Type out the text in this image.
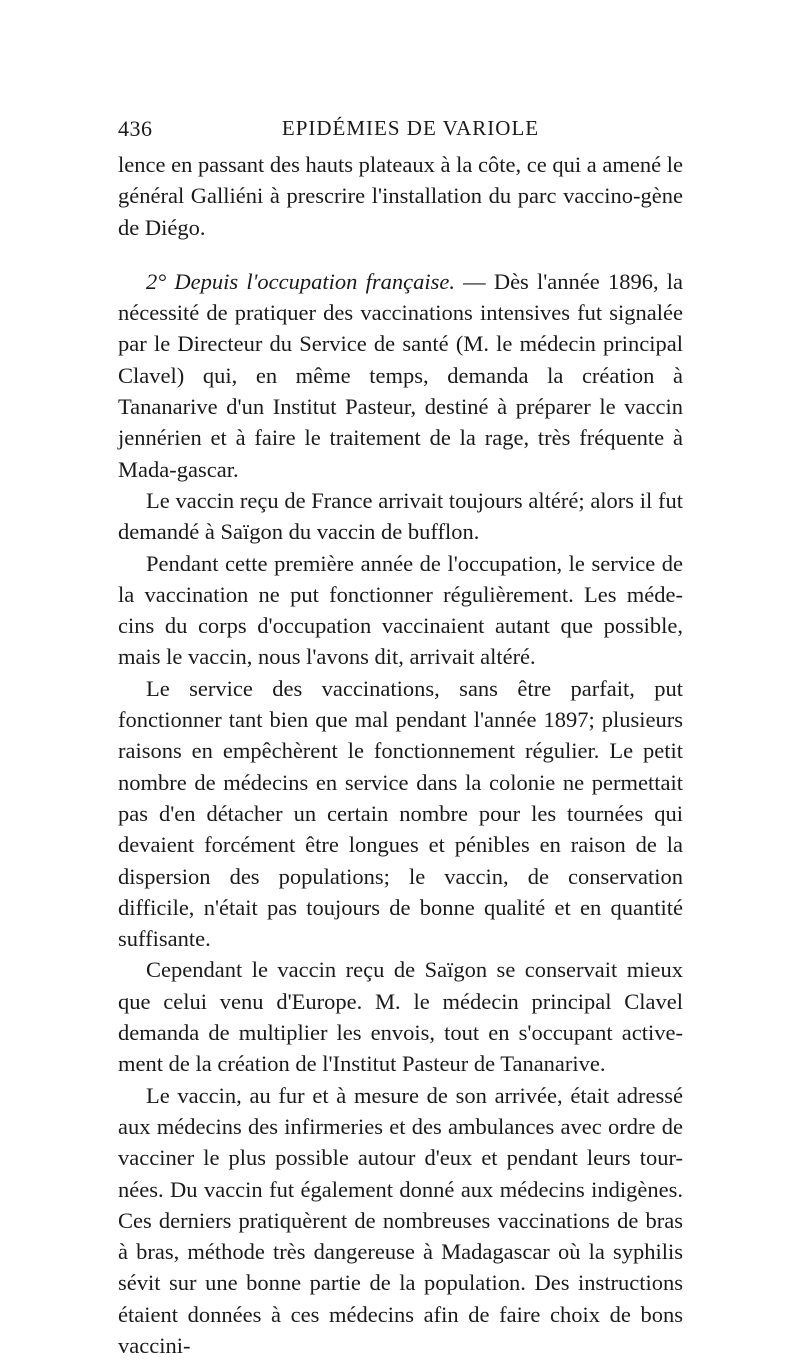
436	EPIDÉMIES DE VARIOLE

lence en passant des hauts plateaux à la côte, ce qui a amené le général Galliéni à prescrire l'installation du parc vaccino-gène de Diégo.

2° Depuis l'occupation française. — Dès l'année 1896, la nécessité de pratiquer des vaccinations intensives fut signalée par le Directeur du Service de santé (M. le médecin principal Clavel) qui, en même temps, demanda la création à Tananarive d'un Institut Pasteur, destiné à préparer le vaccin jennérien et à faire le traitement de la rage, très fréquente à Mada-gascar.

Le vaccin reçu de France arrivait toujours altéré; alors il fut demandé à Saïgon du vaccin de bufflon.

Pendant cette première année de l'occupation, le service de la vaccination ne put fonctionner régulièrement. Les méde-cins du corps d'occupation vaccinaient autant que possible, mais le vaccin, nous l'avons dit, arrivait altéré.

Le service des vaccinations, sans être parfait, put fonctionner tant bien que mal pendant l'année 1897; plusieurs raisons en empêchèrent le fonctionnement régulier. Le petit nombre de médecins en service dans la colonie ne permettait pas d'en détacher un certain nombre pour les tournées qui devaient forcément être longues et pénibles en raison de la dispersion des populations; le vaccin, de conservation difficile, n'était pas toujours de bonne qualité et en quantité suffisante.

Cependant le vaccin reçu de Saïgon se conservait mieux que celui venu d'Europe. M. le médecin principal Clavel demanda de multiplier les envois, tout en s'occupant active-ment de la création de l'Institut Pasteur de Tananarive.

Le vaccin, au fur et à mesure de son arrivée, était adressé aux médecins des infirmeries et des ambulances avec ordre de vacciner le plus possible autour d'eux et pendant leurs tour-nées. Du vaccin fut également donné aux médecins indigènes. Ces derniers pratiquèrent de nombreuses vaccinations de bras à bras, méthode très dangereuse à Madagascar où la syphilis sévit sur une bonne partie de la population. Des instructions étaient données à ces médecins afin de faire choix de bons vaccini-
